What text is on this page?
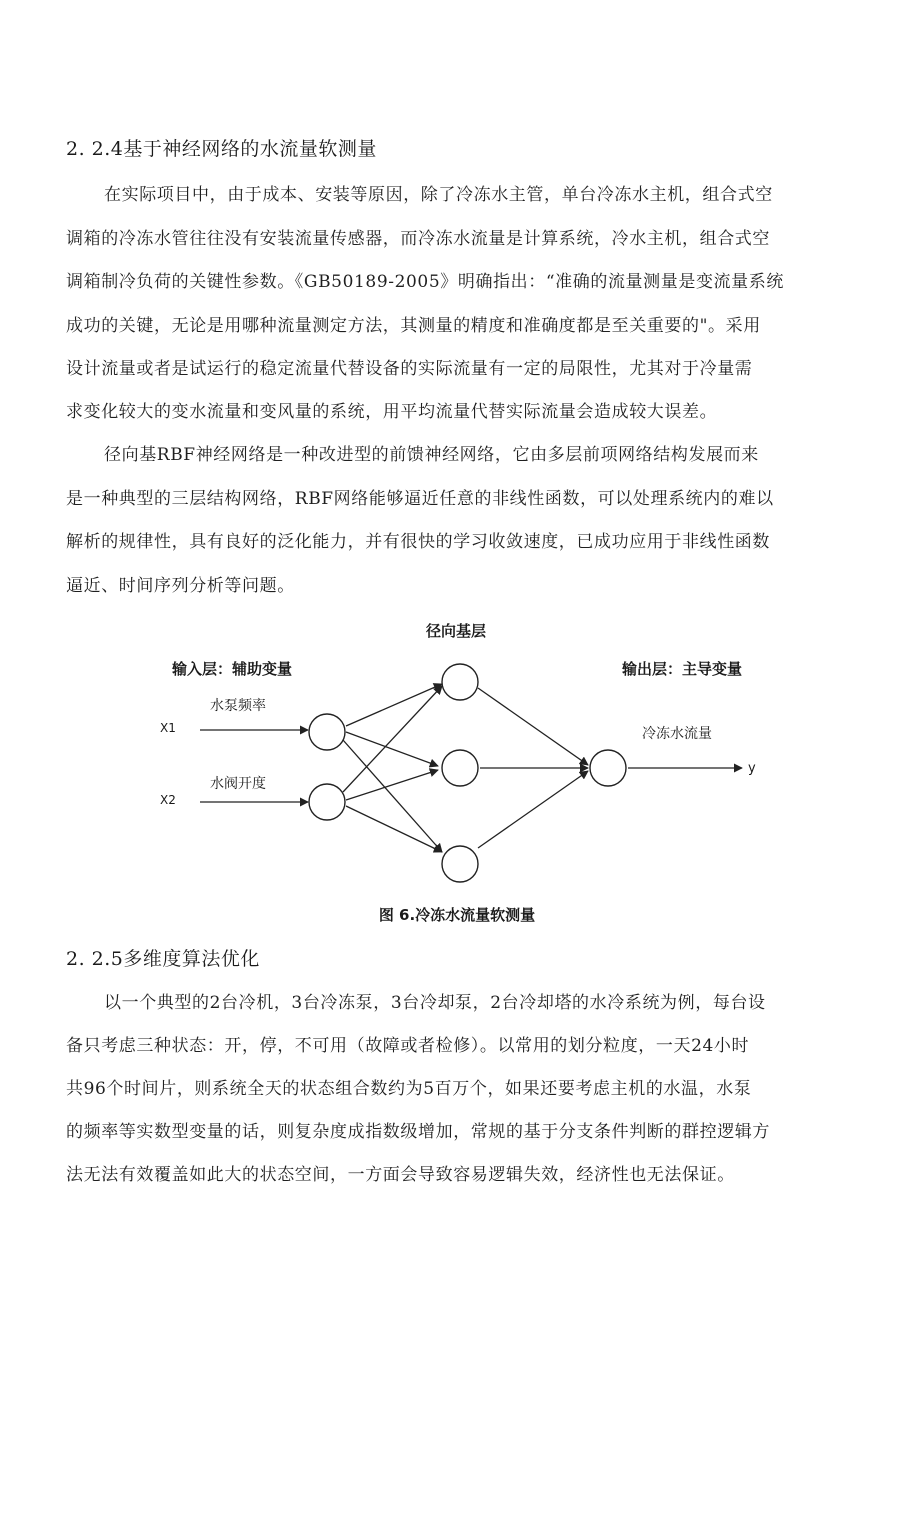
2. 2.4基于神经网络的水流量软测量
在实际项目中，由于成本、安装等原因，除了冷冻水主管，单台冷冻水主机，组合式空
调箱的冷冻水管往往没有安装流量传感器，而冷冻水流量是计算系统，冷水主机，组合式空
调箱制冷负荷的关键性参数。《GB50189-2005》明确指出：“准确的流量测量是变流量系统
成功的关键，无论是用哪种流量测定方法，其测量的精度和准确度都是至关重要的"。采用
设计流量或者是试运行的稳定流量代替设备的实际流量有一定的局限性，尤其对于冷量需
求变化较大的变水流量和变风量的系统，用平均流量代替实际流量会造成较大误差。
径向基RBF神经网络是一种改进型的前馈神经网络，它由多层前项网络结构发展而来
是一种典型的三层结构网络，RBF网络能够逼近任意的非线性函数，可以处理系统内的难以
解析的规律性，具有良好的泛化能力，并有很快的学习收敛速度，已成功应用于非线性函数
逼近、时间序列分析等问题。
径向基层
输入层：辅助变量	输出层：主导变量
X1
X2
水泵频率
水阀开度
冷冻水流量
y
图 6.冷冻水流量软测量
2. 2.5多维度算法优化
以一个典型的2台冷机，3台冷冻泵，3台冷却泵，2台冷却塔的水冷系统为例，每台设
备只考虑三种状态：开，停，不可用（故障或者检修）。以常用的划分粒度，一天24小时
共96个时间片，则系统全天的状态组合数约为5百万个，如果还要考虑主机的水温，水泵
的频率等实数型变量的话，则复杂度成指数级增加，常规的基于分支条件判断的群控逻辑方
法无法有效覆盖如此大的状态空间，一方面会导致容易逻辑失效，经济性也无法保证。
